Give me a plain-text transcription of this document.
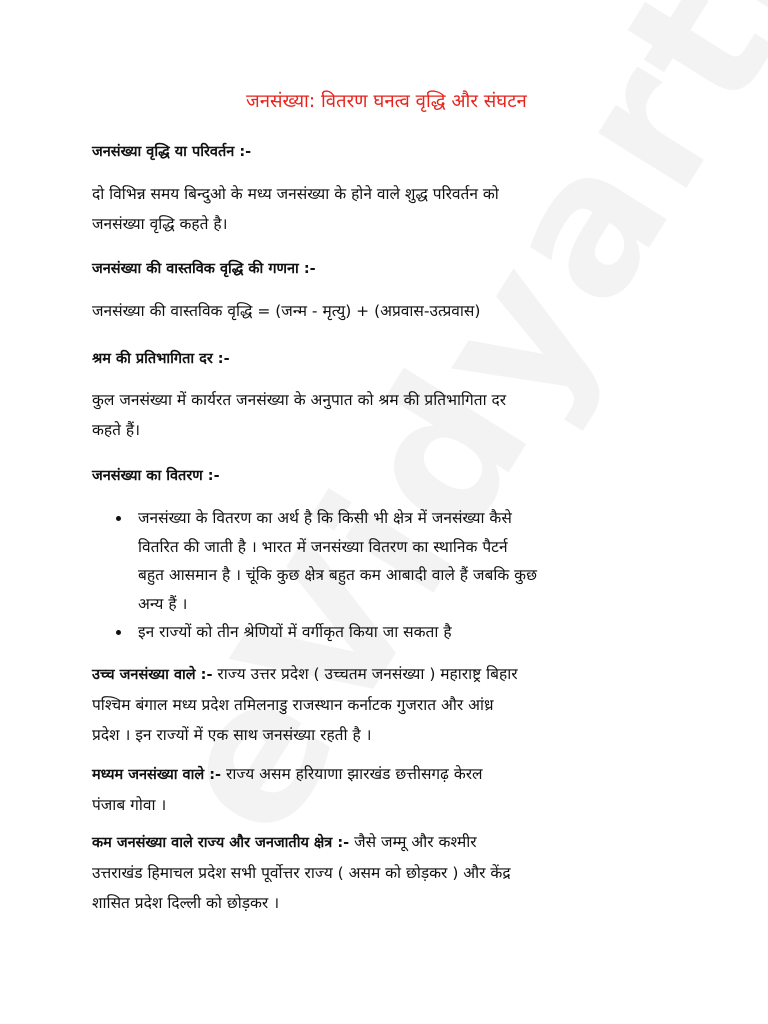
जनसंख्या: वितरण घनत्व वृद्धि और संघटन
जनसंख्या वृद्धि या परिवर्तन :-
दो विभिन्न समय बिन्दुओ के मध्य जनसंख्या के होने वाले शुद्ध परिवर्तन को
जनसंख्या वृद्धि कहते है।
जनसंख्या की वास्तविक वृद्धि की गणना :-
जनसंख्या की वास्तविक वृद्धि = (जन्म - मृत्यु) + (अप्रवास-उत्प्रवास)
श्रम की प्रतिभागिता दर :-
कुल जनसंख्या में कार्यरत जनसंख्या के अनुपात को श्रम की प्रतिभागिता दर
कहते हैं।
जनसंख्या का वितरण :-
जनसंख्या के वितरण का अर्थ है कि किसी भी क्षेत्र में जनसंख्या कैसे
वितरित की जाती है । भारत में जनसंख्या वितरण का स्थानिक पैटर्न
बहुत आसमान है । चूंकि कुछ क्षेत्र बहुत कम आबादी वाले हैं जबकि कुछ
अन्य हैं ।
इन राज्यों को तीन श्रेणियों में वर्गीकृत किया जा सकता है
उच्च जनसंख्या वाले :- राज्य उत्तर प्रदेश ( उच्चतम जनसंख्या ) महाराष्ट्र बिहार
पश्चिम बंगाल मध्य प्रदेश तमिलनाडु राजस्थान कर्नाटक गुजरात और आंध्र
प्रदेश । इन राज्यों में एक साथ जनसंख्या रहती है ।
मध्यम जनसंख्या वाले :- राज्य असम हरियाणा झारखंड छत्तीसगढ़ केरल
पंजाब गोवा ।
कम जनसंख्या वाले राज्य और जनजातीय क्षेत्र :- जैसे जम्मू और कश्मीर
उत्तराखंड हिमाचल प्रदेश सभी पूर्वोत्तर राज्य ( असम को छोड़कर ) और केंद्र
शासित प्रदेश दिल्ली को छोड़कर ।
